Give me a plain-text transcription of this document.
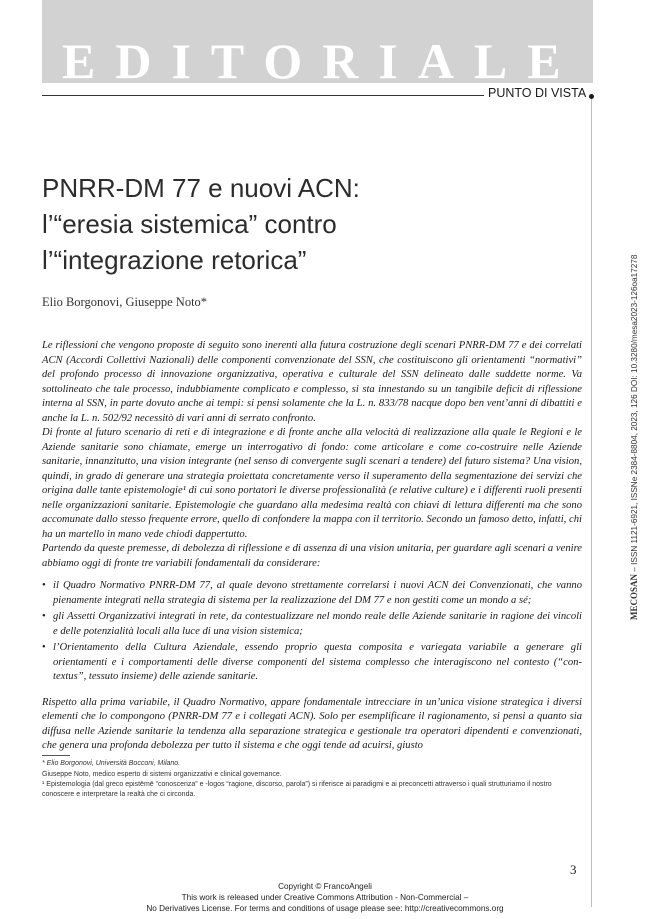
EDITORIALE
PUNTO DI VISTA
PNRR-DM 77 e nuovi ACN:
l’“eresia sistemica” contro
l’“integrazione retorica”
Elio Borgonovi, Giuseppe Noto*

Le riflessioni che vengono proposte di seguito sono inerenti alla futura costruzione degli scenari PNRR-DM 77 e dei correlati ACN (Accordi Collettivi Nazionali) delle componenti convenzionate del SSN, che costituiscono gli orientamenti “normativi” del profondo processo di innovazione organizzativa, operativa e culturale del SSN delineato dalle suddette norme. Va sottolineato che tale processo, indubbiamente complicato e complesso, si sta innestando su un tangibile deficit di riflessione interna al SSN, in parte dovuto anche ai tempi: si pensi solamente che la L. n. 833/78 nacque dopo ben vent’anni di dibattiti e anche la L. n. 502/92 necessitò di vari anni di serrato confronto.

Di fronte al futuro scenario di reti e di integrazione e di fronte anche alla velocità di realizzazione alla quale le Regioni e le Aziende sanitarie sono chiamate, emerge un interrogativo di fondo: come articolare e come co-costruire nelle Aziende sanitarie, innanzitutto, una vision integrante (nel senso di convergente sugli scenari a tendere) del futuro sistema? Una vision, quindi, in grado di generare una strategia proiettata concretamente verso il superamento della segmentazione dei servizi che origina dalle tante epistemologie¹ di cui sono portatori le diverse professionalità (e relative culture) e i differenti ruoli presenti nelle organizzazioni sanitarie. Epistemologie che guardano alla medesima realtà con chiavi di lettura differenti ma che sono accomunate dallo stesso frequente errore, quello di confondere la mappa con il territorio. Secondo un famoso detto, infatti, chi ha un martello in mano vede chiodi dappertutto.

Partendo da queste premesse, di debolezza di riflessione e di assenza di una vision unitaria, per guardare agli scenari a venire abbiamo oggi di fronte tre variabili fondamentali da considerare:

• il Quadro Normativo PNRR-DM 77, al quale devono strettamente correlarsi i nuovi ACN dei Convenzionati, che vanno pienamente integrati nella strategia di sistema per la realizzazione del DM 77 e non gestiti come un mondo a sé;
• gli Assetti Organizzativi integrati in rete, da contestualizzare nel mondo reale delle Aziende sanitarie in ragione dei vincoli e delle potenzialità locali alla luce di una vision sistemica;
• l’Orientamento della Cultura Aziendale, essendo proprio questa composita e variegata variabile a generare gli orientamenti e i comportamenti delle diverse componenti del sistema complesso che interagiscono nel contesto (“con-textus”, tessuto insieme) delle aziende sanitarie.

Rispetto alla prima variabile, il Quadro Normativo, appare fondamentale intrecciare in un’unica visione strategica i diversi elementi che lo compongono (PNRR-DM 77 e i collegati ACN). Solo per esemplificare il ragionamento, si pensi a quanto sia diffusa nelle Aziende sanitarie la tendenza alla separazione strategica e gestionale tra operatori dipendenti e convenzionati, che genera una profonda debolezza per tutto il sistema e che oggi tende ad acuirsi, giusto

* Elio Borgonovi, Università Bocconi, Milano.

Giuseppe Noto, medico esperto di sistemi organizzativi e clinical governance.

¹ Epistemologia (dal greco epistēmē “conoscenza” e -logos “ragione, discorso, parola”) si riferisce ai paradigmi e ai preconcetti attraverso i quali strutturiamo il nostro conoscere e interpretare la realtà che ci circonda.

MECOSAN – ISSN 1121-6921, ISSNe 2384-8804, 2023, 126 DOI: 10.3280/mesa2023-126oa17278
3
Copyright © FrancoAngeli
This work is released under Creative Commons Attribution - Non-Commercial –
No Derivatives License. For terms and conditions of usage please see: http://creativecommons.org
